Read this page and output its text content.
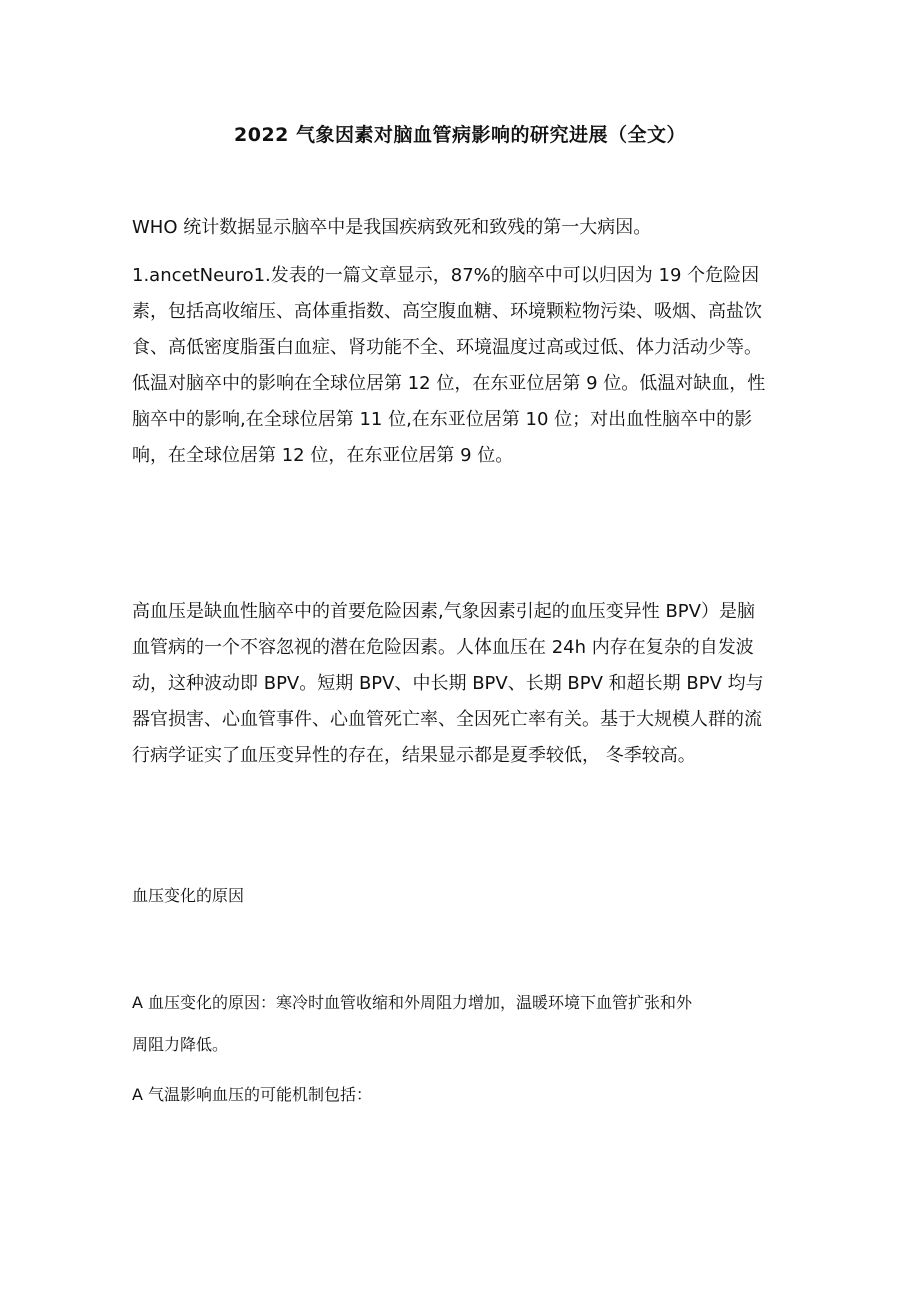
2022 气象因素对脑血管病影响的研究进展（全文）

WHO 统计数据显示脑卒中是我国疾病致死和致残的第一大病因。

1.ancetNeuro1.发表的一篇文章显示，87%的脑卒中可以归因为 19 个危险因
素，包括高收缩压、高体重指数、高空腹血糖、环境颗粒物污染、吸烟、高盐饮
食、高低密度脂蛋白血症、肾功能不全、环境温度过高或过低、体力活动少等。
低温对脑卒中的影响在全球位居第 12 位，在东亚位居第 9 位。低温对缺血，性
脑卒中的影响,在全球位居第 11 位,在东亚位居第 10 位；对出血性脑卒中的影
响，在全球位居第 12 位，在东亚位居第 9 位。

高血压是缺血性脑卒中的首要危险因素,气象因素引起的血压变异性 BPV）是脑
血管病的一个不容忽视的潜在危险因素。人体血压在 24h 内存在复杂的自发波
动，这种波动即 BPV。短期 BPV、中长期 BPV、长期 BPV 和超长期 BPV 均与
器官损害、心血管事件、心血管死亡率、全因死亡率有关。基于大规模人群的流
行病学证实了血压变异性的存在，结果显示都是夏季较低， 冬季较高。

血压变化的原因

A 血压变化的原因：寒冷时血管收缩和外周阻力增加，温暖环境下血管扩张和外
周阻力降低。

A 气温影响血压的可能机制包括：
